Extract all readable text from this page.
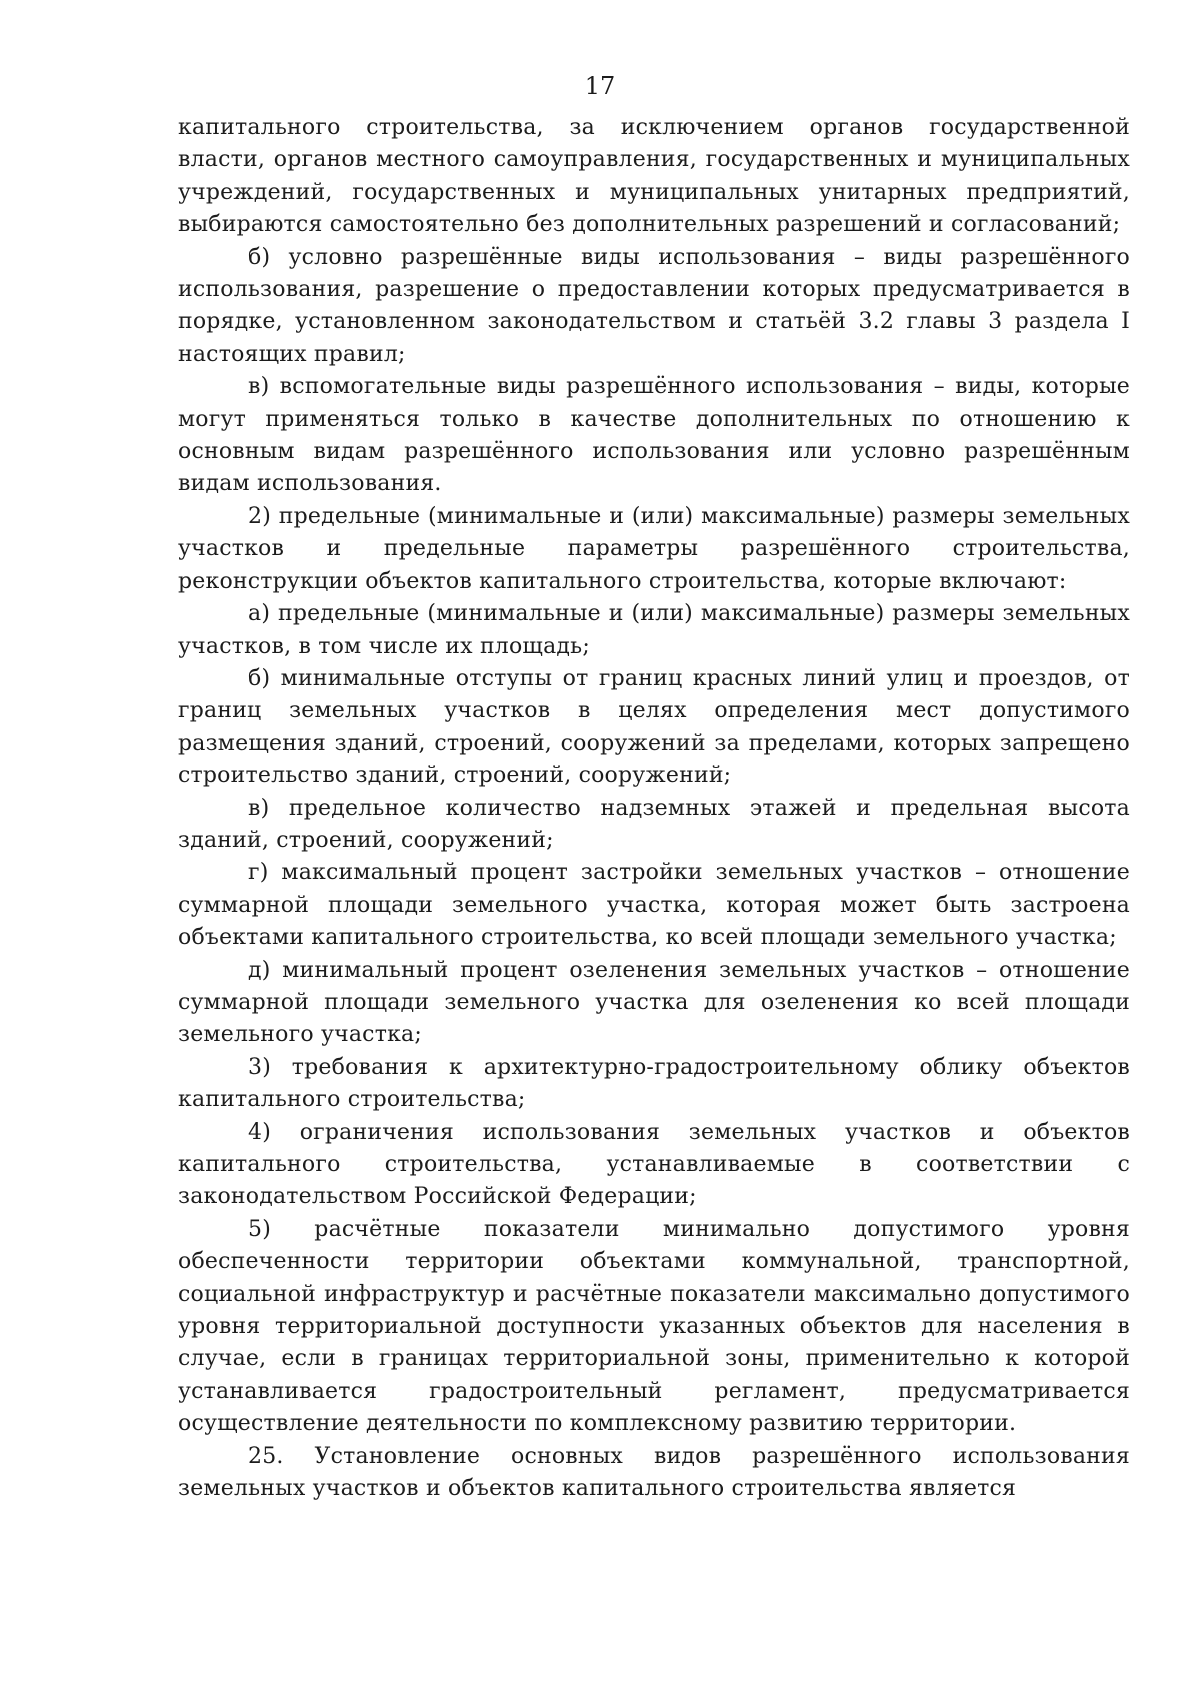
17

капитального строительства, за исключением органов государственной власти, органов местного самоуправления, государственных и муниципальных учреждений, государственных и муниципальных унитарных предприятий, выбираются самостоятельно без дополнительных разрешений и согласований;

б) условно разрешённые виды использования – виды разрешённого использования, разрешение о предоставлении которых предусматривается в порядке, установленном законодательством и статьёй 3.2 главы 3 раздела I настоящих правил;

в) вспомогательные виды разрешённого использования – виды, которые могут применяться только в качестве дополнительных по отношению к основным видам разрешённого использования или условно разрешённым видам использования.

2) предельные (минимальные и (или) максимальные) размеры земельных участков и предельные параметры разрешённого строительства, реконструкции объектов капитального строительства, которые включают:

а) предельные (минимальные и (или) максимальные) размеры земельных участков, в том числе их площадь;

б) минимальные отступы от границ красных линий улиц и проездов, от границ земельных участков в целях определения мест допустимого размещения зданий, строений, сооружений за пределами, которых запрещено строительство зданий, строений, сооружений;

в) предельное количество надземных этажей и предельная высота зданий, строений, сооружений;

г) максимальный процент застройки земельных участков – отношение суммарной площади земельного участка, которая может быть застроена объектами капитального строительства, ко всей площади земельного участка;

д) минимальный процент озеленения земельных участков – отношение суммарной площади земельного участка для озеленения ко всей площади земельного участка;

3) требования к архитектурно-градостроительному облику объектов капитального строительства;

4) ограничения использования земельных участков и объектов капитального строительства, устанавливаемые в соответствии с законодательством Российской Федерации;

5) расчётные показатели минимально допустимого уровня обеспеченности территории объектами коммунальной, транспортной, социальной инфраструктур и расчётные показатели максимально допустимого уровня территориальной доступности указанных объектов для населения в случае, если в границах территориальной зоны, применительно к которой устанавливается градостроительный регламент, предусматривается осуществление деятельности по комплексному развитию территории.

25. Установление основных видов разрешённого использования земельных участков и объектов капитального строительства является
